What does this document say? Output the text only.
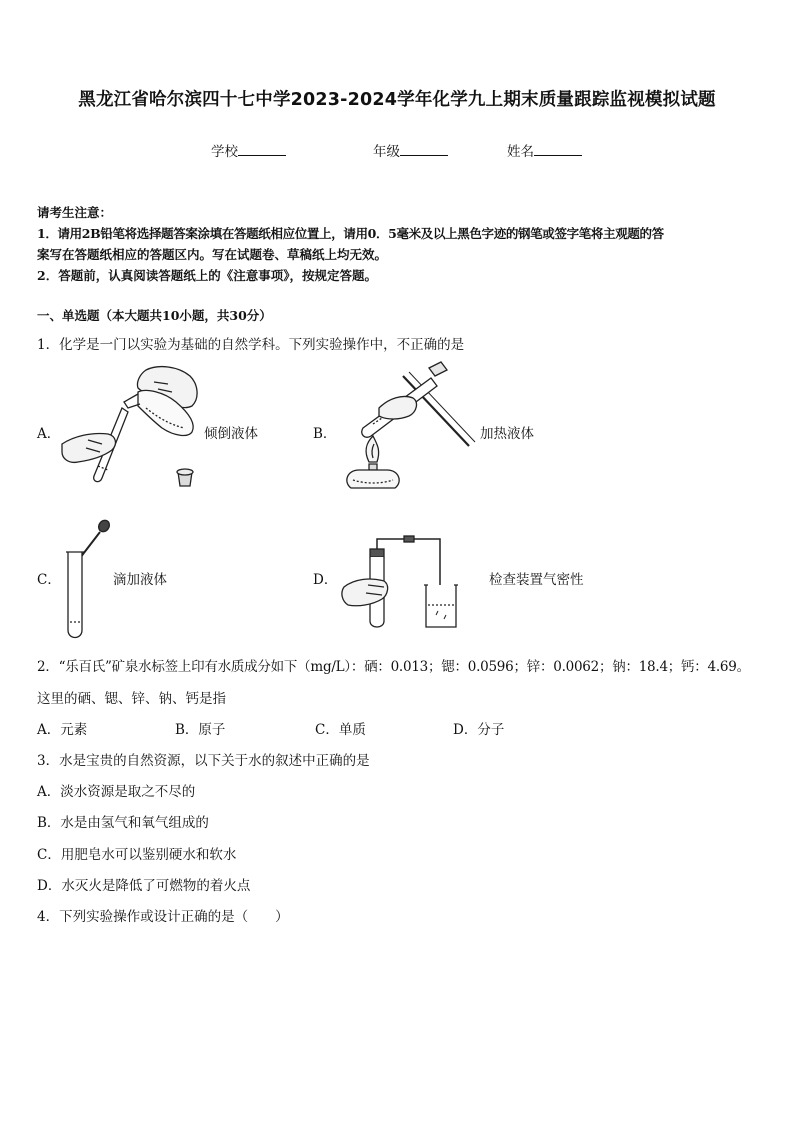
黑龙江省哈尔滨四十七中学2023-2024学年化学九上期末质量跟踪监视模拟试题
学校	年级	姓名
请考生注意：
1．请用2B铅笔将选择题答案涂填在答题纸相应位置上，请用0．5毫米及以上黑色字迹的钢笔或签字笔将主观题的答
案写在答题纸相应的答题区内。写在试题卷、草稿纸上均无效。
2．答题前，认真阅读答题纸上的《注意事项》，按规定答题。
一、单选题（本大题共10小题，共30分）
1．化学是一门以实验为基础的自然学科。下列实验操作中，不正确的是
A．	倾倒液体	B．	加热液体
C．	滴加液体	D．	检查装置气密性
2．“乐百氏”矿泉水标签上印有水质成分如下（mg/L）：硒：0.013；锶：0.0596；锌：0.0062；钠：18.4；钙：4.69。
这里的硒、锶、锌、钠、钙是指
A．元素	B．原子	C．单质	D．分子
3．水是宝贵的自然资源，以下关于水的叙述中正确的是
A．淡水资源是取之不尽的
B．水是由氢气和氧气组成的
C．用肥皂水可以鉴别硬水和软水
D．水灭火是降低了可燃物的着火点
4．下列实验操作或设计正确的是（　　）
